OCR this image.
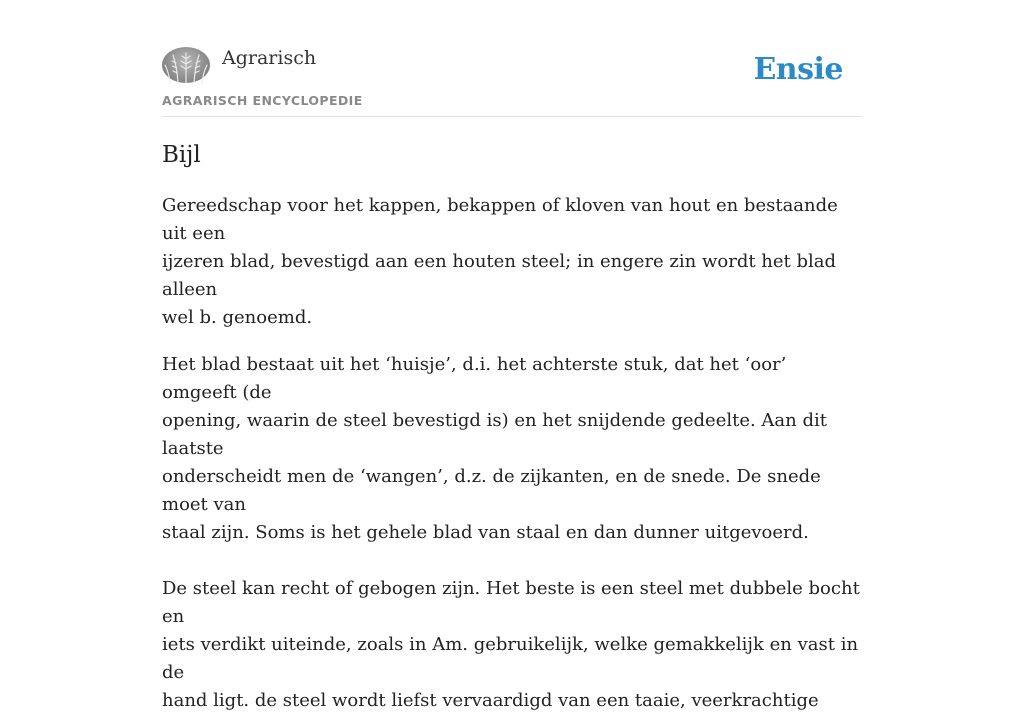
Agrarisch	Ensie
AGRARISCH ENCYCLOPEDIE
Bijl

Gereedschap voor het kappen, bekappen of kloven van hout en bestaande uit een
ijzeren blad, bevestigd aan een houten steel; in engere zin wordt het blad alleen
wel b. genoemd.

Het blad bestaat uit het ‘huisje’, d.i. het achterste stuk, dat het ‘oor’ omgeeft (de
opening, waarin de steel bevestigd is) en het snijdende gedeelte. Aan dit laatste
onderscheidt men de ‘wangen’, d.z. de zijkanten, en de snede. De snede moet van
staal zijn. Soms is het gehele blad van staal en dan dunner uitgevoerd.

De steel kan recht of gebogen zijn. Het beste is een steel met dubbele bocht en
iets verdikt uiteinde, zoals in Am. gebruikelijk, welke gemakkelijk en vast in de
hand ligt. de steel wordt liefst vervaardigd van een taaie, veerkrachtige
